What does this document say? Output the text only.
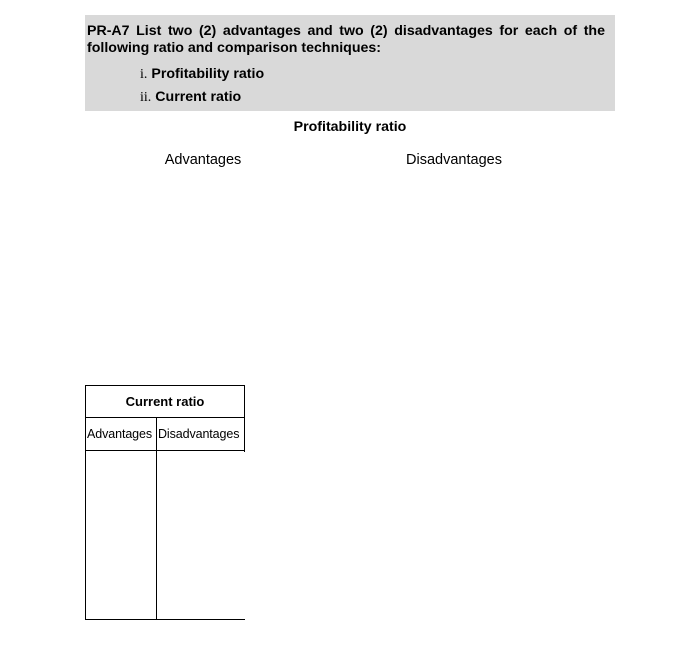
PR-A7 List two (2) advantages and two (2) disadvantages for each of the following ratio and comparison techniques:
i. Profitability ratio
ii. Current ratio
Profitability ratio
Advantages	Disadvantages
Current ratio
Advantages Disadvantages
